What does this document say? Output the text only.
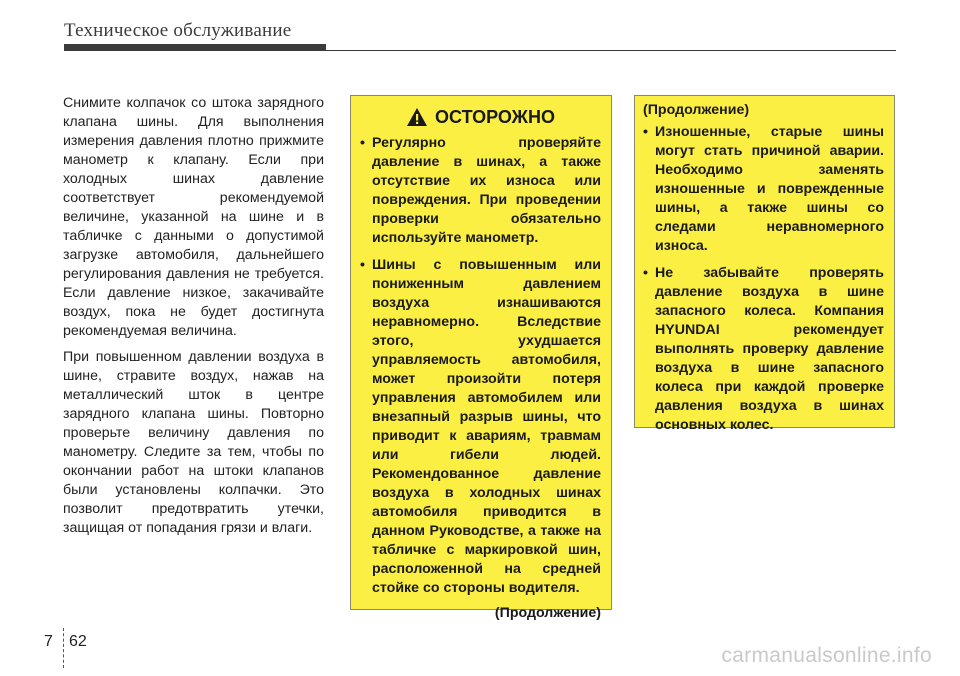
Техническое обслуживание

Снимите колпачок со штока зарядного клапана шины. Для выполнения измерения давления плотно прижмите манометр к клапану. Если при холодных шинах давление соответствует рекомендуемой величине, указанной на шине и в табличке с данными о допустимой загрузке автомобиля, дальнейшего регулирования давления не требуется. Если давление низкое, закачивайте воздух, пока не будет достигнута рекомендуемая величина.

При повышенном давлении воздуха в шине, стравите воздух, нажав на металлический шток в центре зарядного клапана шины. Повторно проверьте величину давления по манометру. Следите за тем, чтобы по окончании работ на штоки клапанов были установлены колпачки. Это позволит предотвратить утечки, защищая от попадания грязи и влаги.

ОСТОРОЖНО
• Регулярно проверяйте давление в шинах, а также отсутствие их износа или повреждения. При проведении проверки обязательно используйте манометр.
• Шины с повышенным или пониженным давлением воздуха изнашиваются неравномерно. Вследствие этого, ухудшается управляемость автомобиля, может произойти потеря управления автомобилем или внезапный разрыв шины, что приводит к авариям, травмам или гибели людей. Рекомендованное давление воздуха в холодных шинах автомобиля приводится в данном Руководстве, а также на табличке с маркировкой шин, расположенной на средней стойке со стороны водителя.
(Продолжение)
(Продолжение)
• Изношенные, старые шины могут стать причиной аварии. Необходимо заменять изношенные и поврежденные шины, а также шины со следами неравномерного износа.
• Не забывайте проверять давление воздуха в шине запасного колеса. Компания HYUNDAI рекомендует выполнять проверку давление воздуха в шине запасного колеса при каждой проверке давления воздуха в шинах основных колес.
7 62
carmanualsonline.info
